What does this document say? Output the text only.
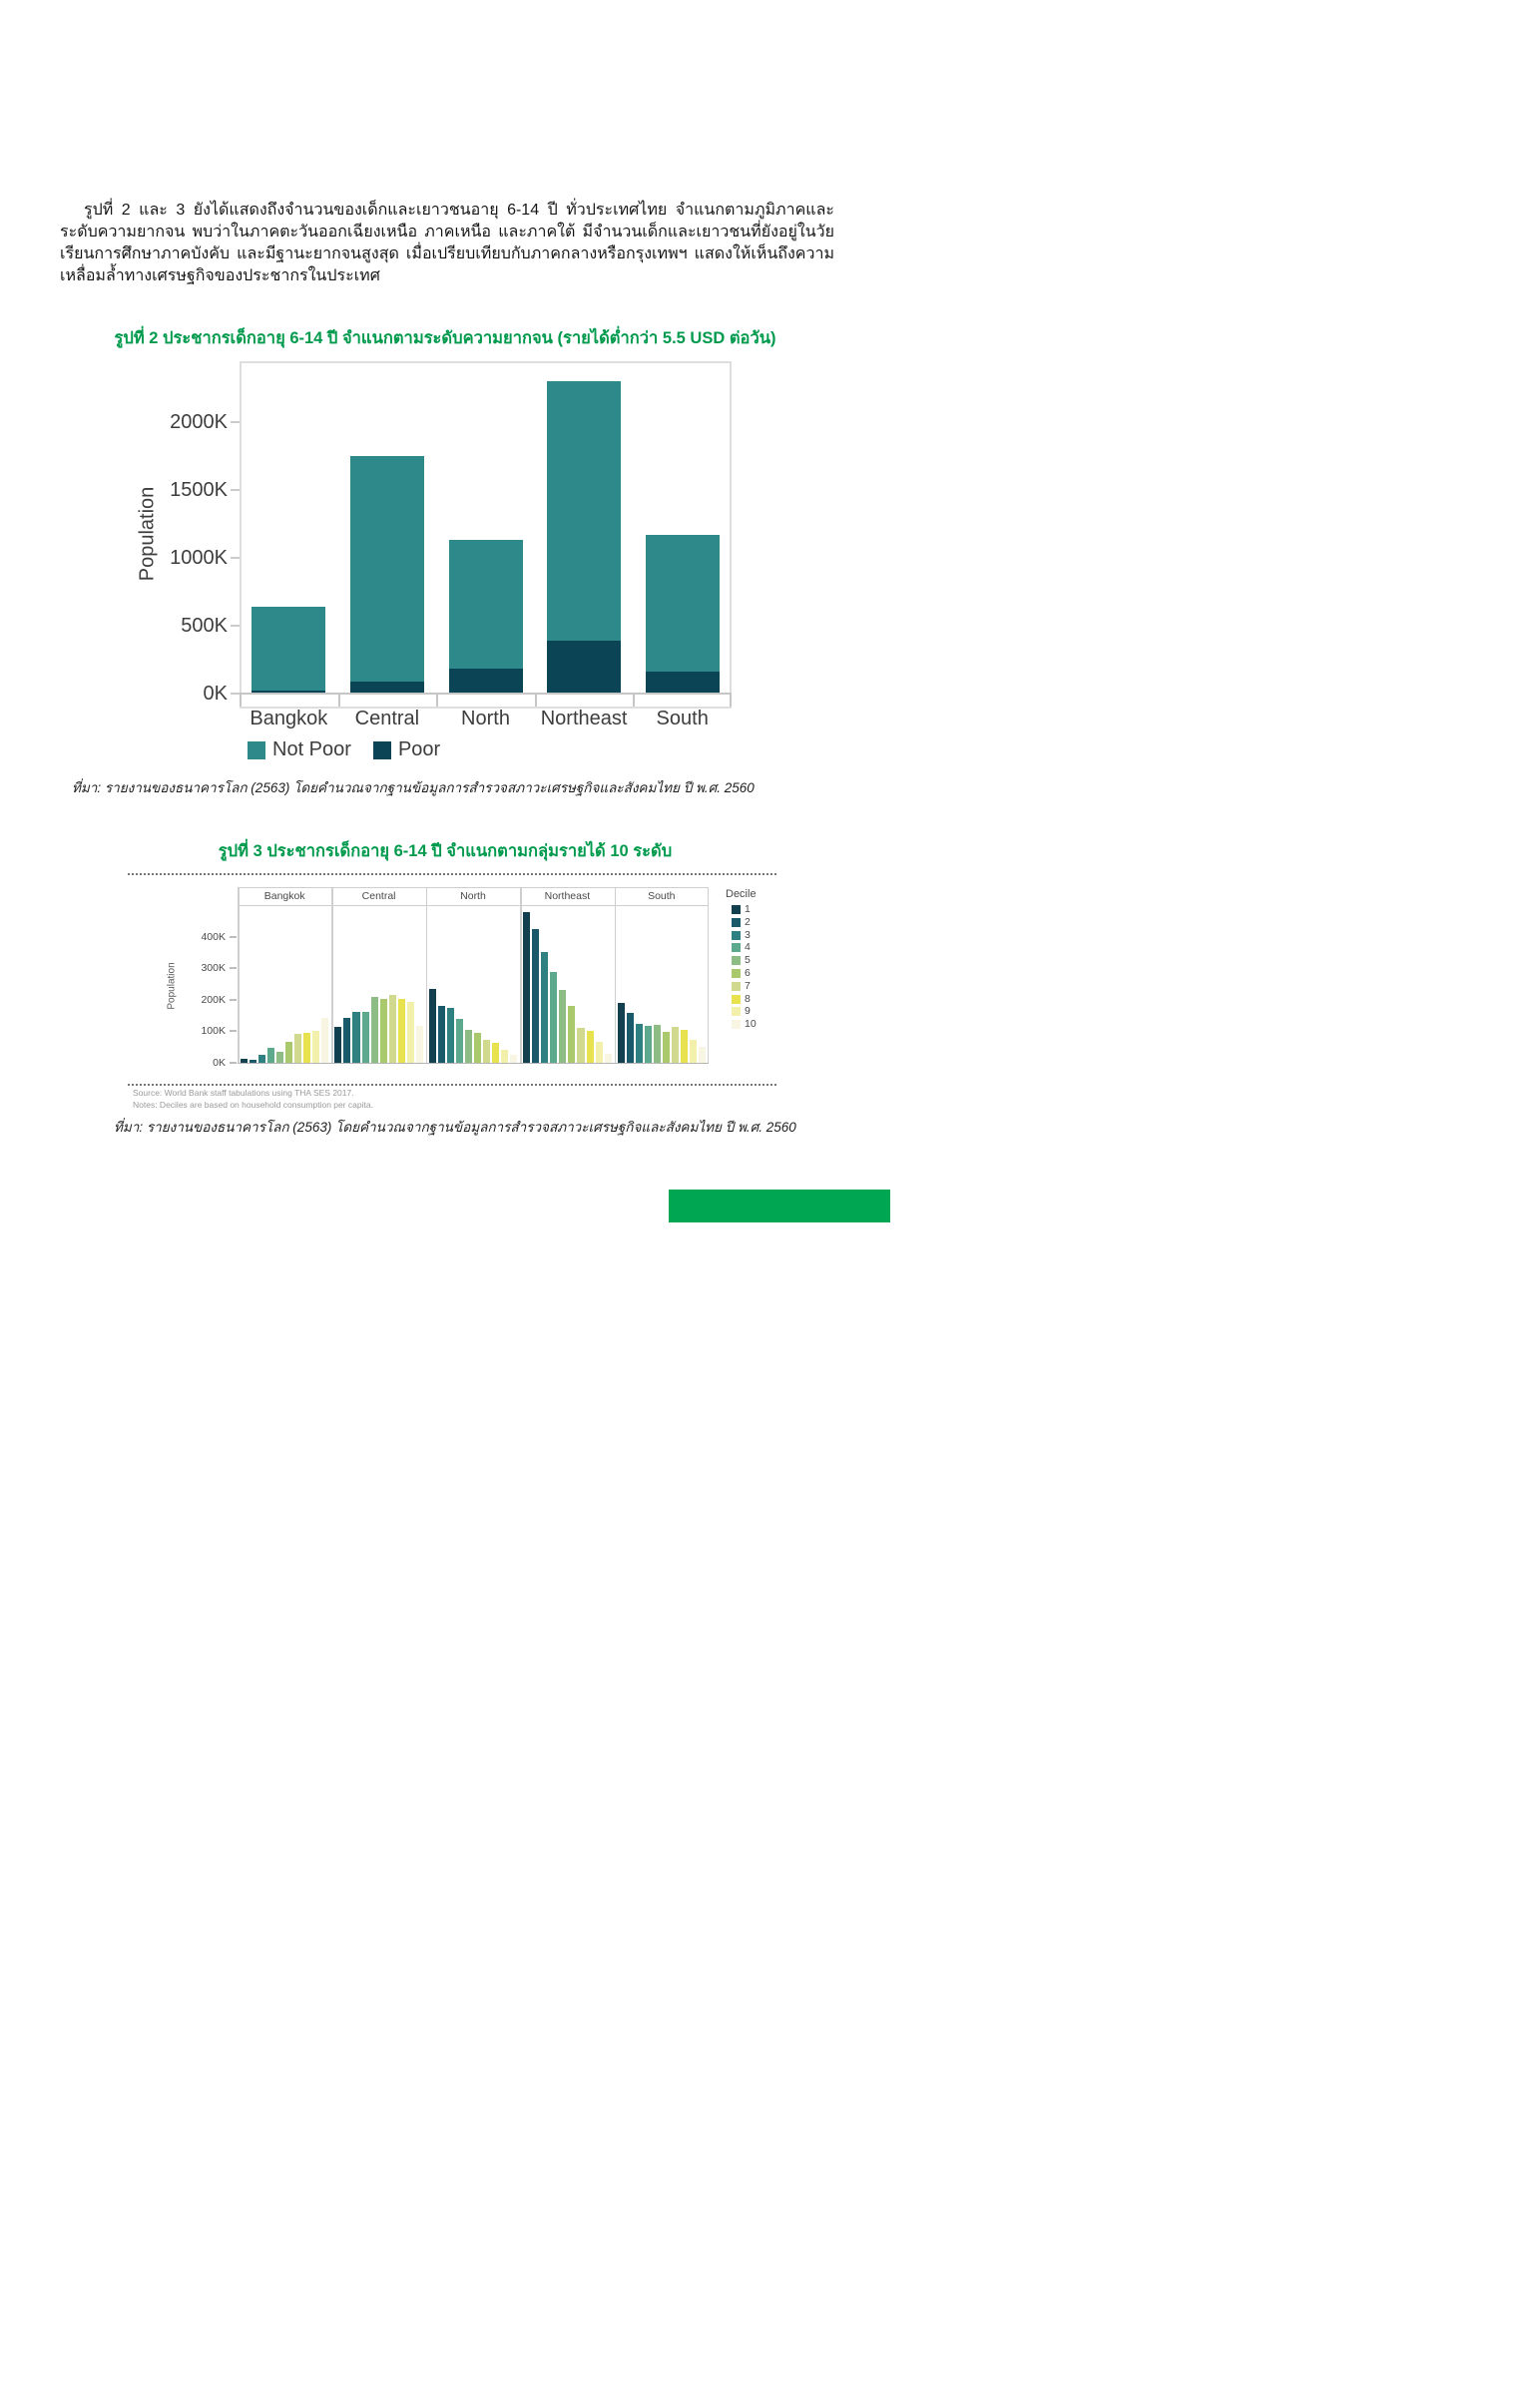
รูปที่ 2 และ 3 ยังได้แสดงถึงจำนวนของเด็กและเยาวชนอายุ 6-14 ปี ทั่วประเทศไทย จำแนกตามภูมิภาคและระดับความยากจน พบว่าในภาคตะวันออกเฉียงเหนือ ภาคเหนือ และภาคใต้ มีจำนวนเด็กและเยาวชนที่ยังอยู่ในวัยเรียนการศึกษาภาคบังคับ และมีฐานะยากจนสูงสุด เมื่อเปรียบเทียบกับภาคกลางหรือกรุงเทพฯ แสดงให้เห็นถึงความเหลื่อมล้ำทางเศรษฐกิจของประชากรในประเทศ

รูปที่ 2 ประชากรเด็กอายุ 6-14 ปี จำแนกตามระดับความยากจน (รายได้ต่ำกว่า 5.5 USD ต่อวัน)
Population
0K
500K
1000K
1500K
2000K
Bangkok	Central	North	Northeast	South
Not Poor Poor

ที่มา: รายงานของธนาคารโลก (2563) โดยคำนวณจากฐานข้อมูลการสำรวจสภาวะเศรษฐกิจและสังคมไทย ปี พ.ศ. 2560

รูปที่ 3 ประชากรเด็กอายุ 6-14 ปี จำแนกตามกลุ่มรายได้ 10 ระดับ
Population
0K
100K
200K
300K
400K
Bangkok	Central	North	Northeast	South
1
2
3
4
5
6
7
8
9
10
Decile

Source: World Bank staff tabulations using THA SES 2017.

Notes: Deciles are based on household consumption per capita.

ที่มา: รายงานของธนาคารโลก (2563) โดยคำนวณจากฐานข้อมูลการสำรวจสภาวะเศรษฐกิจและสังคมไทย ปี พ.ศ. 2560

9
